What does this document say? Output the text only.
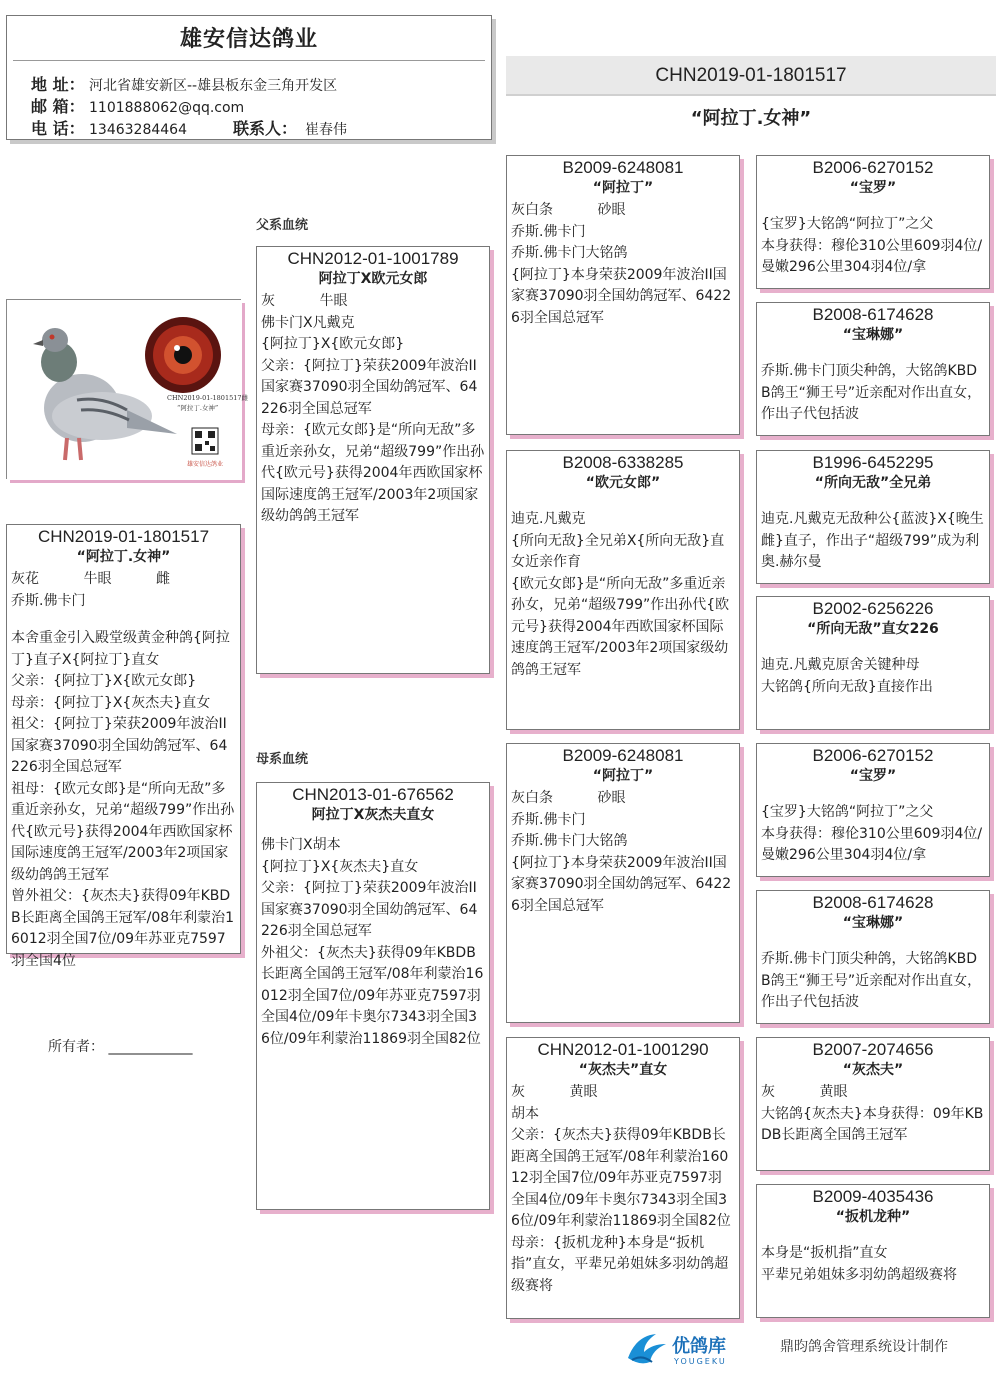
雄安信达鸽业
地 址： 河北省雄安新区--雄县板东金三角开发区
邮 箱： 1101888062@qq.com
电 话： 13463284464	联系人： 崔春伟
CHN2019-01-1801517
“阿拉丁.女神”
父系血统
母系血统
CHN2019-01-1801517雌
“阿拉丁.女神”
雄安信达鸽业
CHN2019-01-1801517
“阿拉丁.女神”
灰花          牛眼          雌
乔斯.佛卡门
本舍重金引入殿堂级黄金种鸽{阿拉丁}直子X{阿拉丁}直女
父亲：{阿拉丁}X{欧元女郎}
母亲：{阿拉丁}X{灰杰夫}直女
祖父：{阿拉丁}荣获2009年波治II国家赛37090羽全国幼鸽冠军、64226羽全国总冠军
祖母：{欧元女郎}是“所向无敌”多重近亲孙女，兄弟“超级799”作出孙代{欧元号}获得2004年西欧国家杯国际速度鸽王冠军/2003年2项国家级幼鸽鸽王冠军
曾外祖父：{灰杰夫}获得09年KBDB长距离全国鸽王冠军/08年利蒙治16012羽全国7位/09年苏亚克7597羽全国4位
CHN2012-01-1001789
阿拉丁X欧元女郎
灰          牛眼
佛卡门X凡戴克
{阿拉丁}X{欧元女郎}
父亲：{阿拉丁}荣获2009年波治II国家赛37090羽全国幼鸽冠军、64226羽全国总冠军
母亲：{欧元女郎}是“所向无敌”多重近亲孙女，兄弟“超级799”作出孙代{欧元号}获得2004年西欧国家杯国际速度鸽王冠军/2003年2项国家级幼鸽鸽王冠军
CHN2013-01-676562
阿拉丁X灰杰夫直女
佛卡门X胡本
{阿拉丁}X{灰杰夫}直女
父亲：{阿拉丁}荣获2009年波治II国家赛37090羽全国幼鸽冠军、64226羽全国总冠军
外祖父：{灰杰夫}获得09年KBDB长距离全国鸽王冠军/08年利蒙治16012羽全国7位/09年苏亚克7597羽全国4位/09年卡奥尔7343羽全国36位/09年利蒙治11869羽全国82位
B2009-6248081
“阿拉丁”
灰白条          砂眼
乔斯.佛卡门
乔斯.佛卡门大铭鸽
{阿拉丁}本身荣获2009年波治II国家赛37090羽全国幼鸽冠军、64226羽全国总冠军
B2008-6338285
“欧元女郎”
迪克.凡戴克
{所向无敌}全兄弟X{所向无敌}直女近亲作育
{欧元女郎}是“所向无敌”多重近亲孙女，兄弟“超级799”作出孙代{欧元号}获得2004年西欧国家杯国际速度鸽王冠军/2003年2项国家级幼鸽鸽王冠军
B2009-6248081
“阿拉丁”
灰白条          砂眼
乔斯.佛卡门
乔斯.佛卡门大铭鸽
{阿拉丁}本身荣获2009年波治II国家赛37090羽全国幼鸽冠军、64226羽全国总冠军
CHN2012-01-1001290
“灰杰夫”直女
灰          黄眼
胡本
父亲：{灰杰夫}获得09年KBDB长距离全国鸽王冠军/08年利蒙治16012羽全国7位/09年苏亚克7597羽全国4位/09年卡奥尔7343羽全国36位/09年利蒙治11869羽全国82位
母亲：{扳机龙种}本身是“扳机指”直女，平辈兄弟姐妹多羽幼鸽超级赛将
B2006-6270152
“宝罗”
{宝罗}大铭鸽“阿拉丁”之父
本身获得：穆伦310公里609羽4位/曼嫩296公里304羽4位/拿
B2008-6174628
“宝琳娜”
乔斯.佛卡门顶尖种鸽，大铭鸽KBDB鸽王“狮王号”近亲配对作出直女，作出子代包括波
B1996-6452295
“所向无敌”全兄弟
迪克.凡戴克无敌种公{蓝波}X{晚生雌}直子，作出子“超级799”成为利奥.赫尔曼
B2002-6256226
“所向无敌”直女226
迪克.凡戴克原舍关键种母
大铭鸽{所向无敌}直接作出
B2006-6270152
“宝罗”
{宝罗}大铭鸽“阿拉丁”之父
本身获得：穆伦310公里609羽4位/曼嫩296公里304羽4位/拿
B2008-6174628
“宝琳娜”
乔斯.佛卡门顶尖种鸽，大铭鸽KBDB鸽王“狮王号”近亲配对作出直女，作出子代包括波
B2007-2074656
“灰杰夫”
灰          黄眼
大铭鸽{灰杰夫}本身获得：09年KBDB长距离全国鸽王冠军
B2009-4035436
“扳机龙种”
本身是“扳机指”直女
平辈兄弟姐妹多羽幼鸽超级赛将
所有者： ____________
优鸽库
YOUGEKU
鼎昀鸽舍管理系统设计制作
